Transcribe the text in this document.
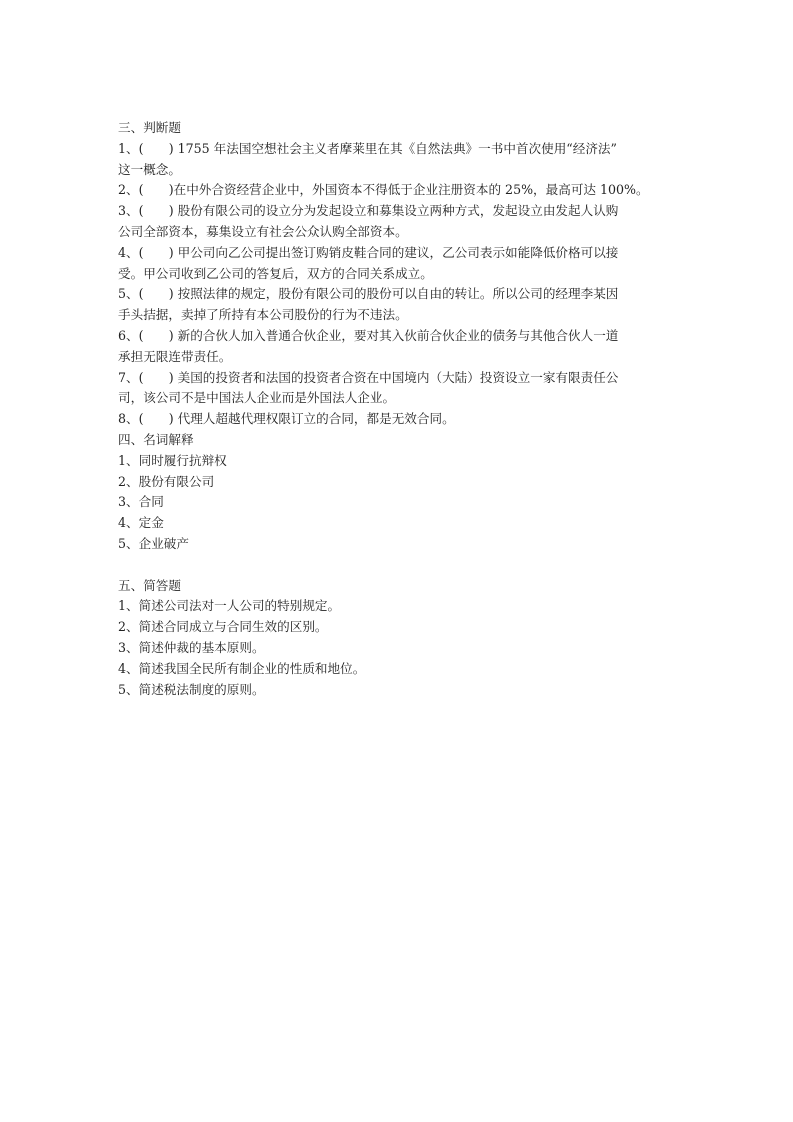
三、判断题
1、(　　) 1755 年法国空想社会主义者摩莱里在其《自然法典》一书中首次使用“经济法”
这一概念。
2、(　　)在中外合资经营企业中，外国资本不得低于企业注册资本的 25%，最高可达 100%。
3、(　　) 股份有限公司的设立分为发起设立和募集设立两种方式，发起设立由发起人认购
公司全部资本，募集设立有社会公众认购全部资本。
4、(　　) 甲公司向乙公司提出签订购销皮鞋合同的建议，乙公司表示如能降低价格可以接
受。甲公司收到乙公司的答复后，双方的合同关系成立。
5、(　　) 按照法律的规定，股份有限公司的股份可以自由的转让。所以公司的经理李某因
手头拮据，卖掉了所持有本公司股份的行为不违法。
6、(　　) 新的合伙人加入普通合伙企业，要对其入伙前合伙企业的债务与其他合伙人一道
承担无限连带责任。
7、(　　) 美国的投资者和法国的投资者合资在中国境内（大陆）投资设立一家有限责任公
司，该公司不是中国法人企业而是外国法人企业。
8、(　　) 代理人超越代理权限订立的合同，都是无效合同。
四、名词解释
1、同时履行抗辩权
2、股份有限公司
3、合同
4、定金
5、企业破产
五、简答题
1、简述公司法对一人公司的特别规定。
2、简述合同成立与合同生效的区别。
3、简述仲裁的基本原则。
4、简述我国全民所有制企业的性质和地位。
5、简述税法制度的原则。
